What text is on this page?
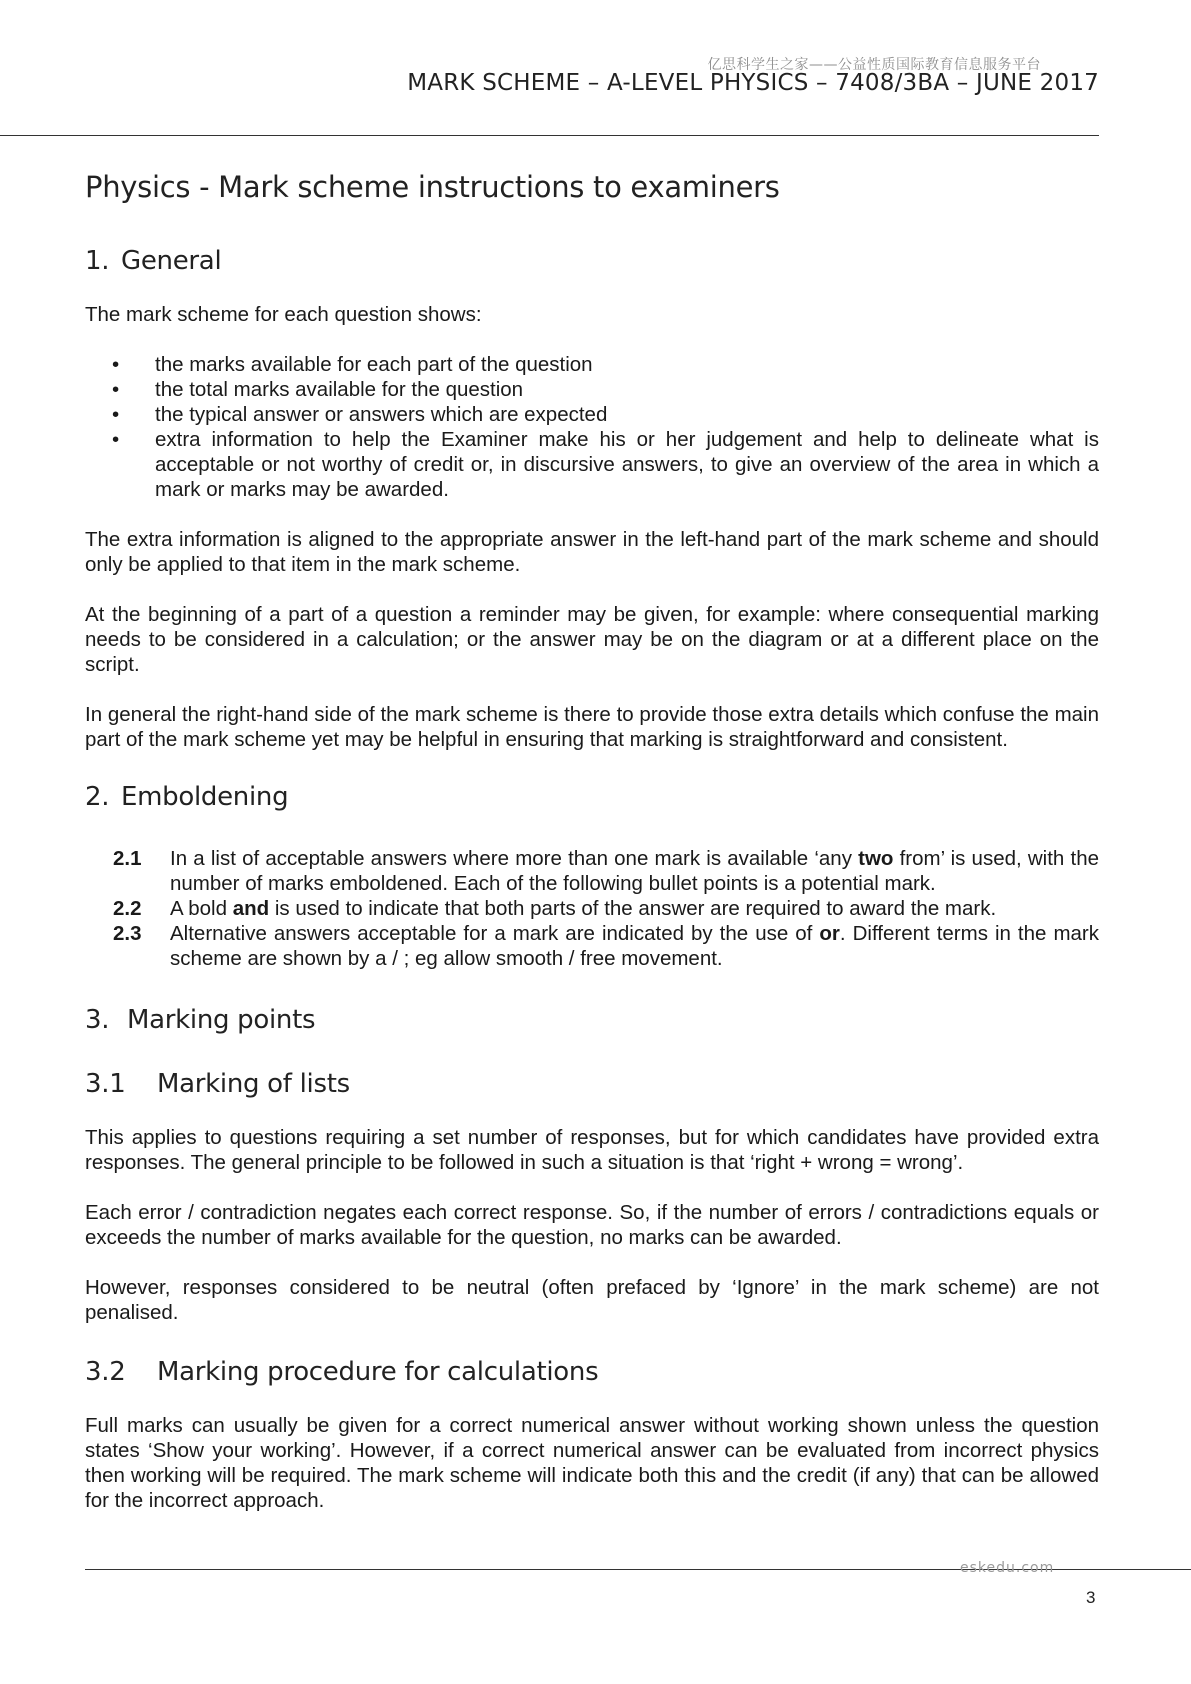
亿思科学生之家——公益性质国际教育信息服务平台
MARK SCHEME – A-LEVEL PHYSICS – 7408/3BA – JUNE 2017
Physics - Mark scheme instructions to examiners
1. General

The mark scheme for each question shows:

• the marks available for each part of the question
• the total marks available for the question
• the typical answer or answers which are expected
• extra information to help the Examiner make his or her judgement and help to delineate what is acceptable or not worthy of credit or, in discursive answers, to give an overview of the area in which a mark or marks may be awarded.

The extra information is aligned to the appropriate answer in the left-hand part of the mark scheme and should only be applied to that item in the mark scheme.

At the beginning of a part of a question a reminder may be given, for example: where consequential marking needs to be considered in a calculation; or the answer may be on the diagram or at a different place on the script.

In general the right-hand side of the mark scheme is there to provide those extra details which confuse the main part of the mark scheme yet may be helpful in ensuring that marking is straightforward and consistent.

2. Emboldening
2.1	In a list of acceptable answers where more than one mark is available ‘any two from’ is used, with the number of marks emboldened. Each of the following bullet points is a potential mark.
2.2	A bold and is used to indicate that both parts of the answer are required to award the mark.
2.3	Alternative answers acceptable for a mark are indicated by the use of or. Different terms in the mark scheme are shown by a / ; eg allow smooth / free movement.
3. Marking points
3.1	Marking of lists

This applies to questions requiring a set number of responses, but for which candidates have provided extra responses. The general principle to be followed in such a situation is that ‘right + wrong = wrong’.

Each error / contradiction negates each correct response. So, if the number of errors / contradictions equals or exceeds the number of marks available for the question, no marks can be awarded.

However, responses considered to be neutral (often prefaced by ‘Ignore’ in the mark scheme) are not penalised.

3.2	Marking procedure for calculations

Full marks can usually be given for a correct numerical answer without working shown unless the question states ‘Show your working’. However, if a correct numerical answer can be evaluated from incorrect physics then working will be required. The mark scheme will indicate both this and the credit (if any) that can be allowed for the incorrect approach.

eskedu.com
3
